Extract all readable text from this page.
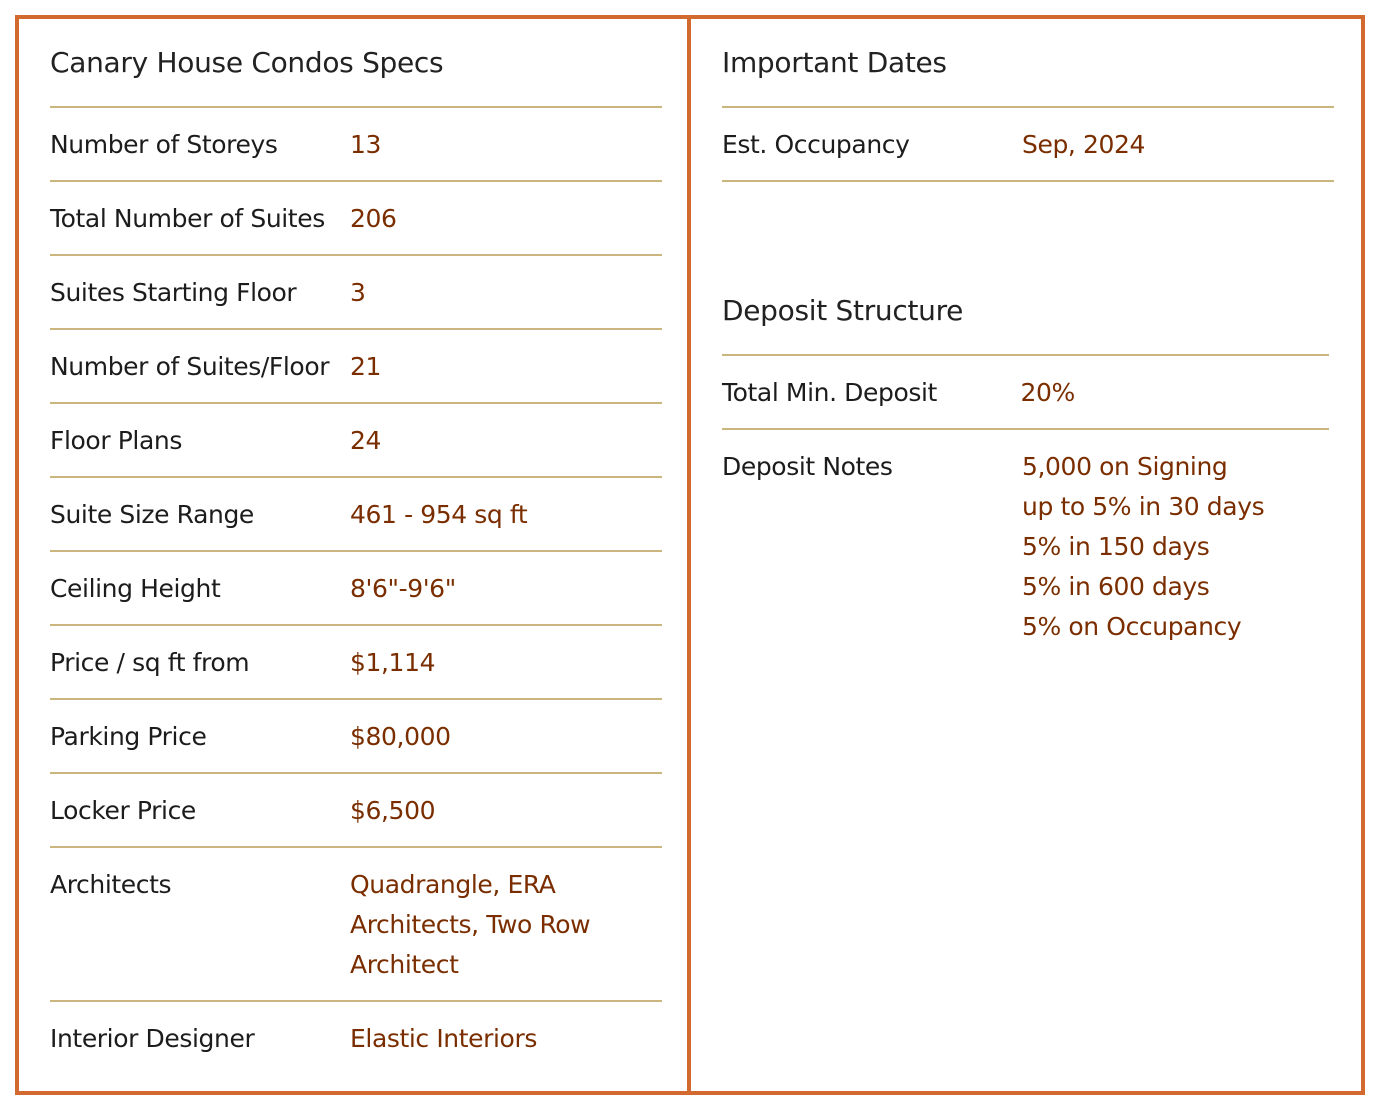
Canary House Condos Specs
Number of Storeys	13
Total Number of Suites	206
Suites Starting Floor	3
Number of Suites/Floor 21
Floor Plans	24
Suite Size Range	461 - 954 sq ft
Ceiling Height	8'6"-9'6"
Price / sq ft from	$1,114
Parking Price	$80,000
Locker Price	$6,500
Architects	Quadrangle, ERA
Architects, Two Row
Architect
Interior Designer	Elastic Interiors
Important Dates
Est. Occupancy	Sep, 2024
Deposit Structure
Total Min. Deposit	20%
Deposit Notes	5,000 on Signing
up to 5% in 30 days
5% in 150 days
5% in 600 days
5% on Occupancy
